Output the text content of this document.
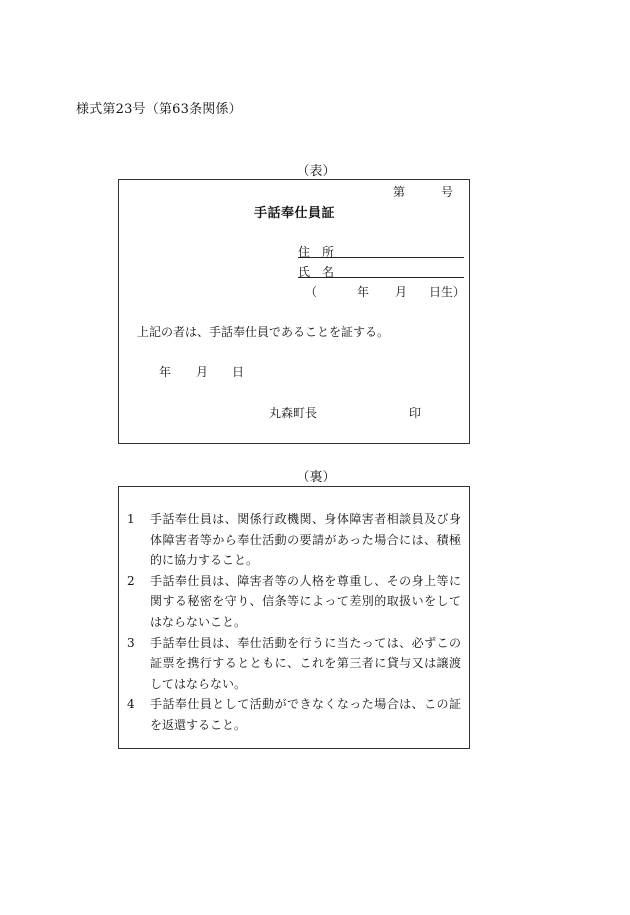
様式第23号（第63条関係）
（表）
第	号
手話奉仕員証
住　所
氏　名
（	年 月 日生）
上記の者は、手話奉仕員であることを証する。
年 月 日
丸森町長	印
（裏）
1	手話奉仕員は、関係行政機関、身体障害者相談員及び身体障害者等から奉仕活動の要請があった場合には、積極的に協力すること。
2	手話奉仕員は、障害者等の人格を尊重し、その身上等に関する秘密を守り、信条等によって差別的取扱いをしてはならないこと。
3	手話奉仕員は、奉仕活動を行うに当たっては、必ずこの証票を携行するとともに、これを第三者に貸与又は譲渡してはならない。
4	手話奉仕員として活動ができなくなった場合は、この証を返還すること。
